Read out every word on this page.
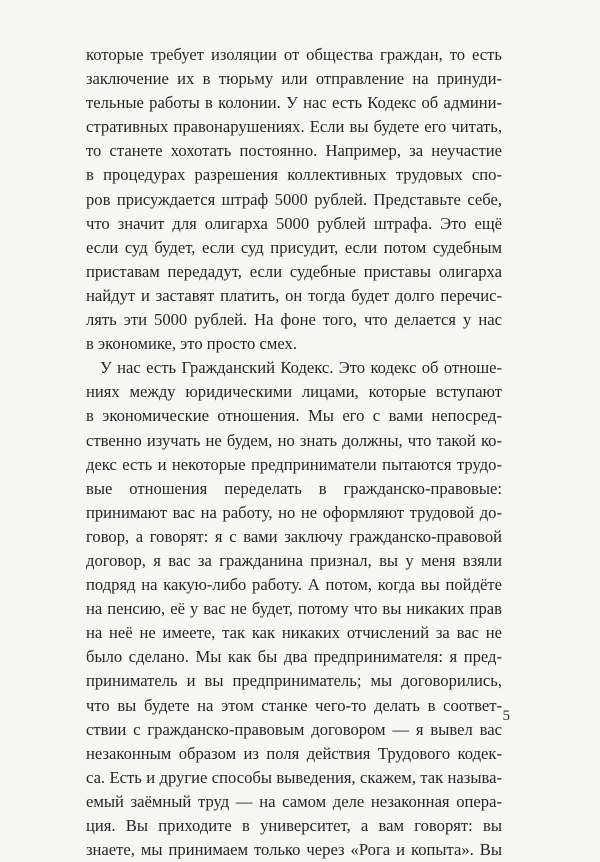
которые требует изоляции от общества граждан, то есть
заключение их в тюрьму или отправление на принуди-
тельные работы в колонии. У нас есть Кодекс об админи-
стративных правонарушениях. Если вы будете его читать,
то станете хохотать постоянно. Например, за неучастие
в процедурах разрешения коллективных трудовых спо-
ров присуждается штраф 5000 рублей. Представьте себе,
что значит для олигарха 5000 рублей штрафа. Это ещё
если суд будет, если суд присудит, если потом судебным
приставам передадут, если судебные приставы олигарха
найдут и заставят платить, он тогда будет долго перечис-
лять эти 5000 рублей. На фоне того, что делается у нас
в экономике, это просто смех.
У нас есть Гражданский Кодекс. Это кодекс об отноше-
ниях между юридическими лицами, которые вступают
в экономические отношения. Мы его с вами непосред-
ственно изучать не будем, но знать должны, что такой ко-
декс есть и некоторые предприниматели пытаются трудо-
вые отношения переделать в гражданско-правовые:
принимают вас на работу, но не оформляют трудовой до-
говор, а говорят: я с вами заключу гражданско-правовой
договор, я вас за гражданина признал, вы у меня взяли
подряд на какую-либо работу. А потом, когда вы пойдёте
на пенсию, её у вас не будет, потому что вы никаких прав
на неё не имеете, так как никаких отчислений за вас не
было сделано. Мы как бы два предпринимателя: я пред-
приниматель и вы предприниматель; мы договорились,
что вы будете на этом станке чего-то делать в соответ-
ствии с гражданско-правовым договором — я вывел вас
незаконным образом из поля действия Трудового кодек-
са. Есть и другие способы выведения, скажем, так называ-
емый заёмный труд — на самом деле незаконная опера-
ция. Вы приходите в университет, а вам говорят: вы
знаете, мы принимаем только через «Рога и копыта». Вы
5
